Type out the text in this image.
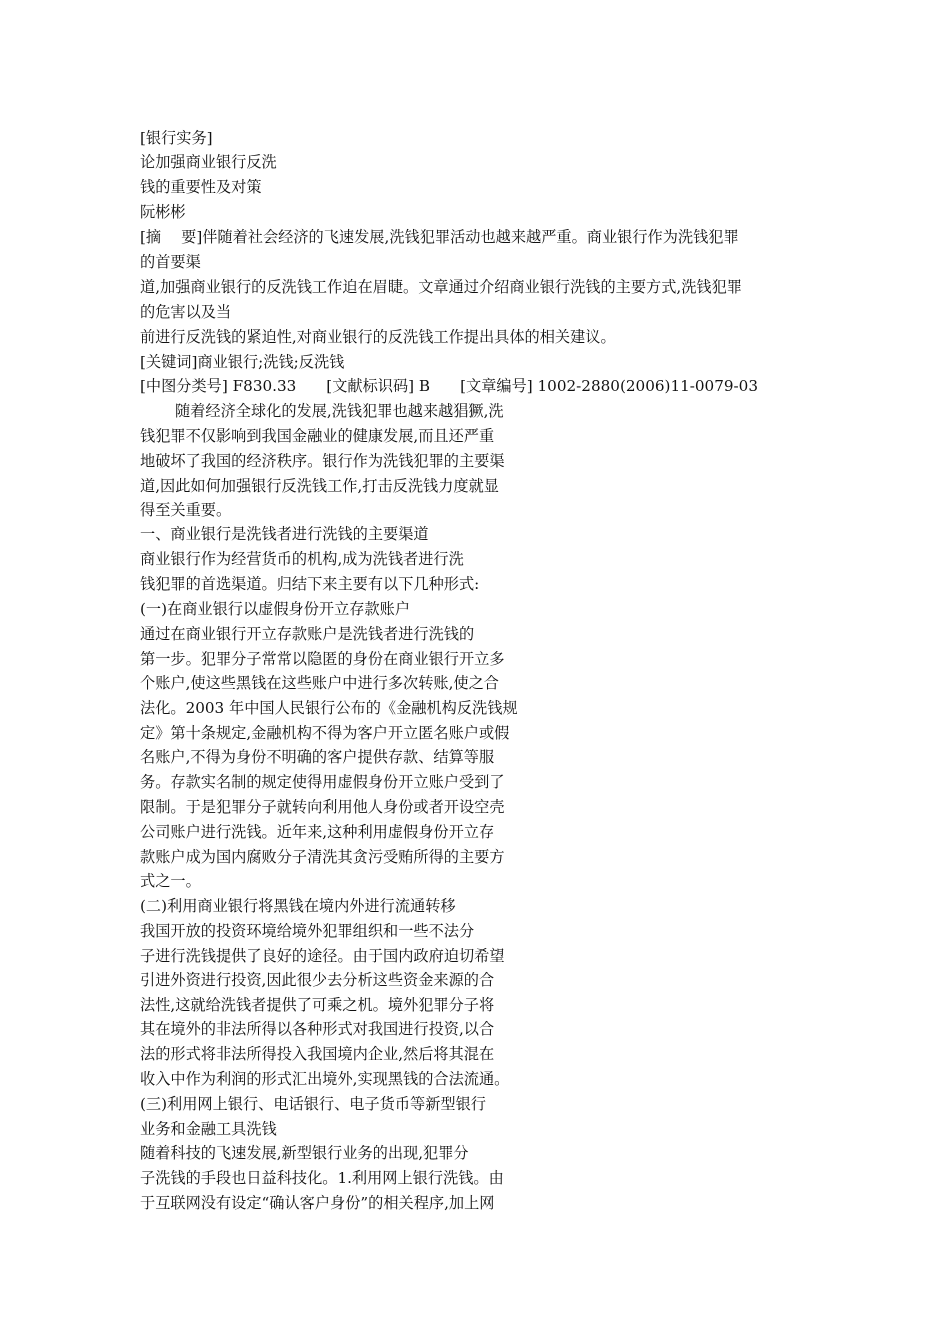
[银行实务]
论加强商业银行反洗
钱的重要性及对策
阮彬彬
[摘　 要]伴随着社会经济的飞速发展,洗钱犯罪活动也越来越严重。商业银行作为洗钱犯罪
的首要渠
道,加强商业银行的反洗钱工作迫在眉睫。文章通过介绍商业银行洗钱的主要方式,洗钱犯罪
的危害以及当
前进行反洗钱的紧迫性,对商业银行的反洗钱工作提出具体的相关建议。
[关键词]商业银行;洗钱;反洗钱
[中图分类号] F830.33 [文献标识码] B [文章编号] 1002-2880(2006)11-0079-03
随着经济全球化的发展,洗钱犯罪也越来越猖獗,洗
钱犯罪不仅影响到我国金融业的健康发展,而且还严重
地破坏了我国的经济秩序。银行作为洗钱犯罪的主要渠
道,因此如何加强银行反洗钱工作,打击反洗钱力度就显
得至关重要。
一、商业银行是洗钱者进行洗钱的主要渠道
商业银行作为经营货币的机构,成为洗钱者进行洗
钱犯罪的首选渠道。归结下来主要有以下几种形式:
(一)在商业银行以虚假身份开立存款账户
通过在商业银行开立存款账户是洗钱者进行洗钱的
第一步。犯罪分子常常以隐匿的身份在商业银行开立多
个账户,使这些黑钱在这些账户中进行多次转账,使之合
法化。2003 年中国人民银行公布的《金融机构反洗钱规
定》第十条规定,金融机构不得为客户开立匿名账户或假
名账户,不得为身份不明确的客户提供存款、结算等服
务。存款实名制的规定使得用虚假身份开立账户受到了
限制。于是犯罪分子就转向利用他人身份或者开设空壳
公司账户进行洗钱。近年来,这种利用虚假身份开立存
款账户成为国内腐败分子清洗其贪污受贿所得的主要方
式之一。
(二)利用商业银行将黑钱在境内外进行流通转移
我国开放的投资环境给境外犯罪组织和一些不法分
子进行洗钱提供了良好的途径。由于国内政府迫切希望
引进外资进行投资,因此很少去分析这些资金来源的合
法性,这就给洗钱者提供了可乘之机。境外犯罪分子将
其在境外的非法所得以各种形式对我国进行投资,以合
法的形式将非法所得投入我国境内企业,然后将其混在
收入中作为利润的形式汇出境外,实现黑钱的合法流通。
(三)利用网上银行、电话银行、电子货币等新型银行
业务和金融工具洗钱
随着科技的飞速发展,新型银行业务的出现,犯罪分
子洗钱的手段也日益科技化。1.利用网上银行洗钱。由
于互联网没有设定“确认客户身份”的相关程序,加上网
